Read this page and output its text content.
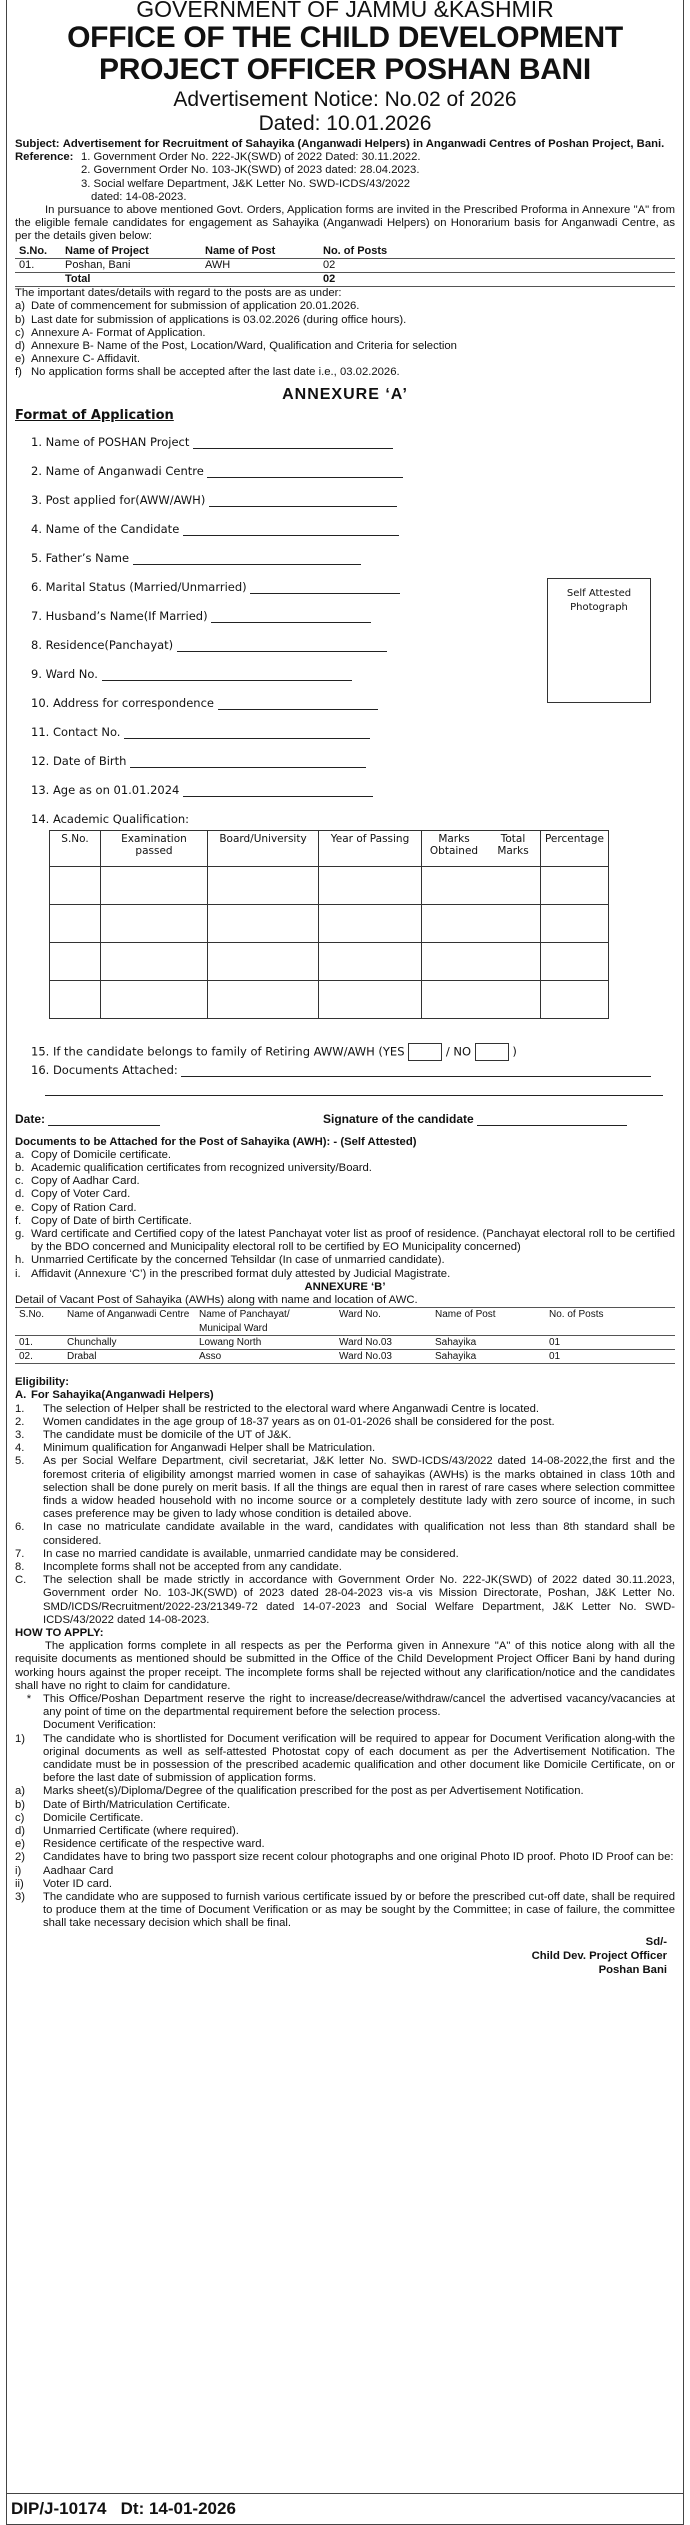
GOVERNMENT OF JAMMU &KASHMIR
OFFICE OF THE CHILD DEVELOPMENT
PROJECT OFFICER POSHAN BANI
Advertisement Notice: No.02 of 2026
Dated: 10.01.2026

Subject: Advertisement for Recruitment of Sahayika (Anganwadi Helpers) in Anganwadi Centres of Poshan Project, Bani.

Reference: 1. Government Order No. 222-JK(SWD) of 2022 Dated: 30.11.2022.

2. Government Order No. 103-JK(SWD) of 2023 dated: 28.04.2023.

3. Social welfare Department, J&K Letter No. SWD-ICDS/43/2022

dated: 14-08-2023.

In pursuance to above mentioned Govt. Orders, Application forms are invited in the Prescribed Proforma in Annexure "A" from the eligible female candidates for engagement as Sahayika (Anganwadi Helpers) on Honorarium basis for Anganwadi Centre, as per the details given below:

S.No.	Name of Project	Name of Post	No. of Posts
01.	Poshan, Bani	AWH	02
	Total		02

The important dates/details with regard to the posts are as under:

a) Date of commencement for submission of application 20.01.2026.
b) Last date for submission of applications is 03.02.2026 (during office hours).
c) Annexure A- Format of Application.
d) Annexure B- Name of the Post, Location/Ward, Qualification and Criteria for selection
e) Annexure C- Affidavit.
f) No application forms shall be accepted after the last date i.e., 03.02.2026.
ANNEXURE ‘A’
Format of Application
1. Name of POSHAN Project
2. Name of Anganwadi Centre
3. Post applied for(AWW/AWH)
4. Name of the Candidate
5. Father’s Name
6. Marital Status (Married/Unmarried)
7. Husband’s Name(If Married)
8. Residence(Panchayat)
9. Ward No.
10. Address for correspondence
11. Contact No.
12. Date of Birth
13. Age as on 01.01.2024
14. Academic Qualification:
S.No.	Examination passed	Board/University	Year of Passing	Marks Obtained	Total Marks	Percentage

15. If the candidate belongs to family of Retiring AWW/AWH (YES	/ NO	)
16. Documents Attached:
Date:	Signature of the candidate
Self Attested Photograph

Documents to be Attached for the Post of Sahayika (AWH): - (Self Attested)

a. Copy of Domicile certificate.
b. Academic qualification certificates from recognized university/Board.
c. Copy of Aadhar Card.
d. Copy of Voter Card.
e. Copy of Ration Card.
f. Copy of Date of birth Certificate.
g. Ward certificate and Certified copy of the latest Panchayat voter list as proof of residence. (Panchayat electoral roll to be certified by the BDO concerned and Municipality electoral roll to be certified by EO Municipality concerned)
h. Unmarried Certificate by the concerned Tehsildar (In case of unmarried candidate).
i. Affidavit (Annexure ‘C’) in the prescribed format duly attested by Judicial Magistrate.

ANNEXURE ‘B’

Detail of Vacant Post of Sahayika (AWHs) along with name and location of AWC.

S.No.	Name of Anganwadi Centre	Name of Panchayat/ Municipal Ward	Ward No.	Name of Post	No. of Posts
01.	Chunchally	Lowang North	Ward No.03	Sahayika	01
02.	Drabal	Asso	Ward No.03	Sahayika	01

Eligibility:

A. For Sahayika(Anganwadi Helpers)
1.	The selection of Helper shall be restricted to the electoral ward where Anganwadi Centre is located.
2.	Women candidates in the age group of 18-37 years as on 01-01-2026 shall be considered for the post.
3.	The candidate must be domicile of the UT of J&K.
4.	Minimum qualification for Anganwadi Helper shall be Matriculation.
5.	As per Social Welfare Department, civil secretariat, J&K letter No. SWD-ICDS/43/2022 dated 14-08-2022,the first and the foremost criteria of eligibility amongst married women in case of sahayikas (AWHs) is the marks obtained in class 10th and selection shall be done purely on merit basis. If all the things are equal then in rarest of rare cases where selection committee finds a widow headed household with no income source or a completely destitute lady with zero source of income, in such cases preference may be given to lady whose condition is detailed above.
6.	In case no matriculate candidate available in the ward, candidates with qualification not less than 8th standard shall be considered.
7.	In case no married candidate is available, unmarried candidate may be considered.
8.	Incomplete forms shall not be accepted from any candidate.
C.	The selection shall be made strictly in accordance with Government Order No. 222-JK(SWD) of 2022 dated 30.11.2023, Government order No. 103-JK(SWD) of 2023 dated 28-04-2023 vis-a vis Mission Directorate, Poshan, J&K Letter No. SMD/ICDS/Recruitment/2022-23/21349-72 dated 14-07-2023 and Social Welfare Department, J&K Letter No. SWD-ICDS/43/2022 dated 14-08-2023.

HOW TO APPLY:

The application forms complete in all respects as per the Performa given in Annexure "A" of this notice along with all the requisite documents as mentioned should be submitted in the Office of the Child Development Project Officer Bani by hand during working hours against the proper receipt. The incomplete forms shall be rejected without any clarification/notice and the candidates shall have no right to claim for candidature.

*	This Office/Poshan Department reserve the right to increase/decrease/withdraw/cancel the advertised vacancy/vacancies at any point of time on the departmental requirement before the selection process.

Document Verification:

1)	The candidate who is shortlisted for Document verification will be required to appear for Document Verification along-with the original documents as well as self-attested Photostat copy of each document as per the Advertisement Notification. The candidate must be in possession of the prescribed academic qualification and other document like Domicile Certificate, on or before the last date of submission of application forms.
a)	Marks sheet(s)/Diploma/Degree of the qualification prescribed for the post as per Advertisement Notification.
b)	Date of Birth/Matriculation Certificate.
c)	Domicile Certificate.
d)	Unmarried Certificate (where required).
e)	Residence certificate of the respective ward.
2)	Candidates have to bring two passport size recent colour photographs and one original Photo ID proof. Photo ID Proof can be:
i)	Aadhaar Card
ii)	Voter ID card.
3)	The candidate who are supposed to furnish various certificate issued by or before the prescribed cut-off date, shall be required to produce them at the time of Document Verification or as may be sought by the Committee; in case of failure, the committee shall take necessary decision which shall be final.
Sd/-
Child Dev. Project Officer
Poshan Bani
DIP/J-10174 Dt: 14-01-2026
